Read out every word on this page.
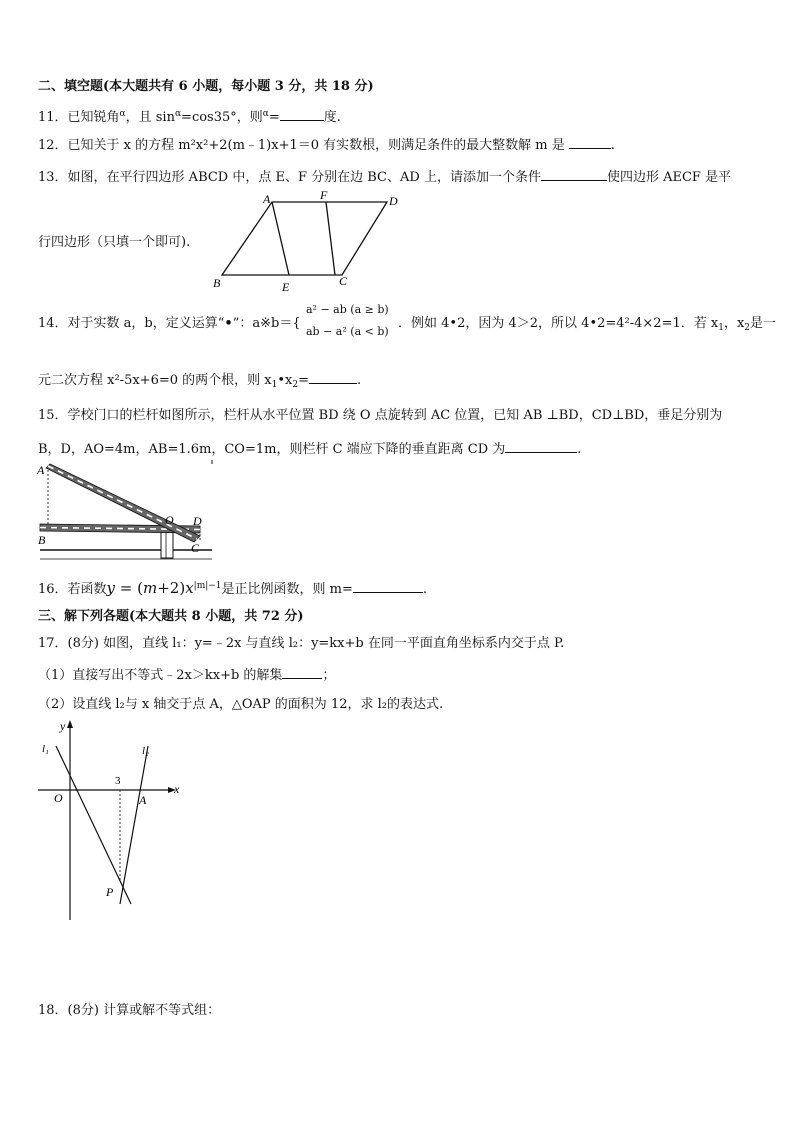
二、填空题(本大题共有 6 小题，每小题 3 分，共 18 分)
11．已知锐角$^\alpha$，且 $\sin^\alpha=\cos 35^\circ$，则$^\alpha$=	度.
12．已知关于 x 的方程 m²x²+2(m﹣1)x+1＝0 有实数根，则满足条件的最大整数解 m 是	.
13．如图，在平行四边形 ABCD 中，点 E、F 分别在边 BC、AD 上，请添加一个条件	使四边形 AECF 是平
行四边形（只填一个即可).
A	F	D
B	E	C
14．对于实数 a，b，定义运算“•”：a※b＝{
a² − ab (a ≥ b)
ab − a² (a < b)
．例如 4•2，因为 4＞2，所以 4•2=4²-4×2=1．若 $x_1$，$x_2$是一
元二次方程 x²-5x+6=0 的两个根，则 $x_1•x_2=$	.
15．学校门口的栏杆如图所示，栏杆从水平位置 BD 绕 O 点旋转到 AC 位置，已知 AB ⊥BD，CD⊥BD，垂足分别为
B，D，AO=4m，AB=1.6m，CO=1m，则栏杆 C 端应下降的垂直距离 CD 为	.
A
B
O D
C
16．若函数$y = (m+2)x^{|m|-1}$是正比例函数，则 m=	.
三、解下列各题(本大题共 8 小题，共 72 分)
17．(8分) 如图，直线 l₁：y=﹣2x 与直线 l₂：y=kx+b 在同一平面直角坐标系内交于点 P.
（1）直接写出不等式﹣2x＞kx+b 的解集	；
（2）设直线 l₂与 x 轴交于点 A，△OAP 的面积为 12，求 l₂的表达式.
y
x
l₁	l₂
O
3
A
P
18．(8分) 计算或解不等式组：
